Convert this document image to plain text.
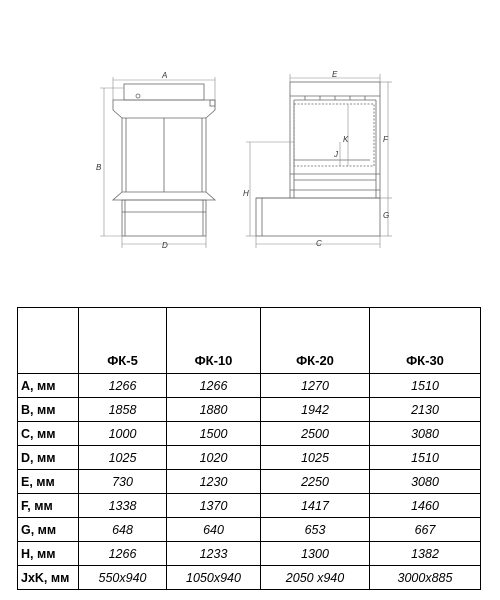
A
B
D
E
F
G
H
C
J
K
	ФК-5	ФК-10	ФК-20	ФК-30
A, мм	1266	1266	1270	1510
B, мм	1858	1880	1942	2130
C, мм	1000	1500	2500	3080
D, мм	1025	1020	1025	1510
E, мм	730	1230	2250	3080
F, мм	1338	1370	1417	1460
G, мм	648	640	653	667
H, мм	1266	1233	1300	1382
JxK, мм	550x940	1050x940	2050 x940	3000x885
